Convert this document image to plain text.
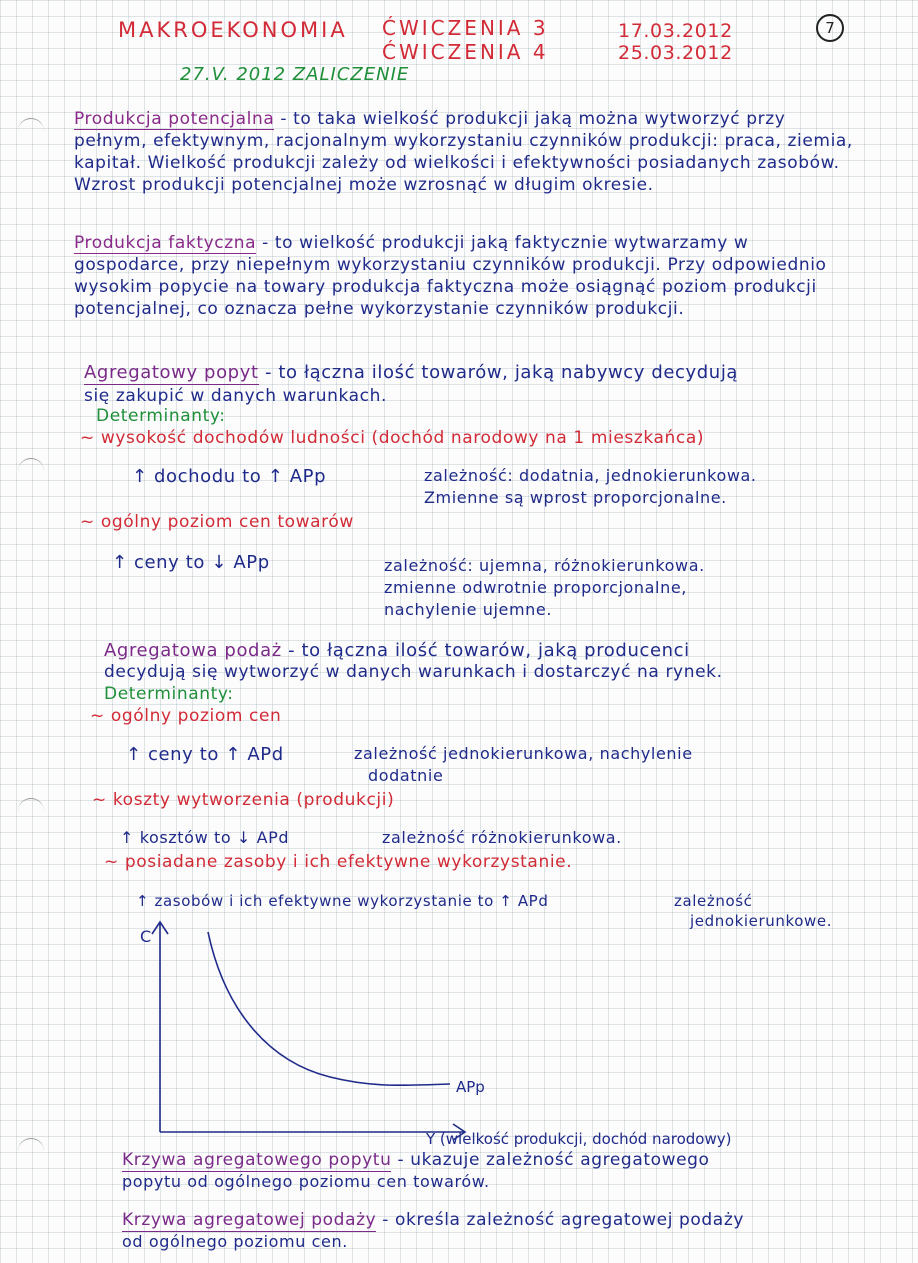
MAKROEKONOMIA ĆWICZENIA 3
ĆWICZENIA 4
17.03.2012
25.03.2012
7
27.V. 2012 ZALICZENIE
Produkcja potencjalna - to taka wielkość produkcji jaką można wytworzyć przy pełnym, efektywnym, racjonalnym wykorzystaniu czynników produkcji: praca, ziemia, kapitał. Wielkość produkcji zależy od wielkości i efektywności posiadanych zasobów. Wzrost produkcji potencjalnej może wzrosnąć w długim okresie.
Produkcja faktyczna - to wielkość produkcji jaką faktycznie wytwarzamy w gospodarce, przy niepełnym wykorzystaniu czynników produkcji. Przy odpowiednio wysokim popycie na towary produkcja faktyczna może osiągnąć poziom produkcji potencjalnej, co oznacza pełne wykorzystanie czynników produkcji.
Agregatowy popyt - to łączna ilość towarów, jaką nabywcy decydują
się zakupić w danych warunkach.
Determinanty:
~ wysokość dochodów ludności (dochód narodowy na 1 mieszkańca)
↑ dochodu to ↑ APp	zależność: dodatnia, jednokierunkowa.
Zmienne są wprost proporcjonalne.
~ ogólny poziom cen towarów
↑ ceny to ↓ APp	zależność: ujemna, różnokierunkowa.
zmienne odwrotnie proporcjonalne,
nachylenie ujemne.
Agregatowa podaż - to łączna ilość towarów, jaką producenci
decydują się wytworzyć w danych warunkach i dostarczyć na rynek.
Determinanty:
~ ogólny poziom cen
↑ ceny to ↑ APd	zależność jednokierunkowa, nachylenie
dodatnie
~ koszty wytworzenia (produkcji)
↑ kosztów to ↓ APd	zależność różnokierunkowa.
~ posiadane zasoby i ich efektywne wykorzystanie.
↑ zasobów i ich efektywne wykorzystanie to ↑ APd	zależność
jednokierunkowe.
C
APp
Y (wielkość produkcji, dochód narodowy)
Krzywa agregatowego popytu - ukazuje zależność agregatowego
popytu od ogólnego poziomu cen towarów.
Krzywa agregatowej podaży - określa zależność agregatowej podaży
od ogólnego poziomu cen.
